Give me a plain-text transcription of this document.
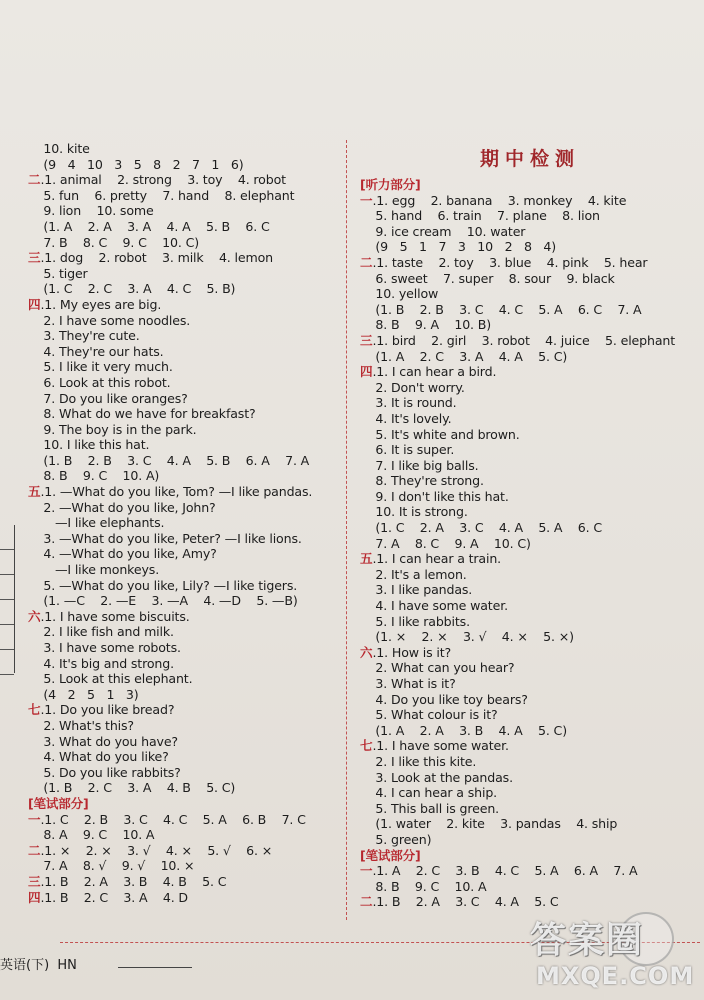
10. kite
(9   4   10   3   5   8   2   7   1   6)
二.1. animal    2. strong    3. toy    4. robot
5. fun    6. pretty    7. hand    8. elephant
9. lion    10. some
(1. A    2. A    3. A    4. A    5. B    6. C
7. B    8. C    9. C    10. C)
三.1. dog    2. robot    3. milk    4. lemon
5. tiger
(1. C    2. C    3. A    4. C    5. B)
四.1. My eyes are big.
2. I have some noodles.
3. They're cute.
4. They're our hats.
5. I like it very much.
6. Look at this robot.
7. Do you like oranges?
8. What do we have for breakfast?
9. The boy is in the park.
10. I like this hat.
(1. B    2. B    3. C    4. A    5. B    6. A    7. A
8. B    9. C    10. A)
五.1. —What do you like, Tom? —I like pandas.
2. —What do you like, John?
—I like elephants.
3. —What do you like, Peter? —I like lions.
4. —What do you like, Amy?
—I like monkeys.
5. —What do you like, Lily? —I like tigers.
(1. —C    2. —E    3. —A    4. —D    5. —B)
六.1. I have some biscuits.
2. I like fish and milk.
3. I have some robots.
4. It's big and strong.
5. Look at this elephant.
(4   2   5   1   3)
七.1. Do you like bread?
2. What's this?
3. What do you have?
4. What do you like?
5. Do you like rabbits?
(1. B    2. C    3. A    4. B    5. C)
[笔试部分]
一.1. C    2. B    3. C    4. C    5. A    6. B    7. C
8. A    9. C    10. A
二.1. ×    2. ×    3. √    4. ×    5. √    6. ×
7. A    8. √    9. √    10. ×
三.1. B    2. A    3. B    4. B    5. C
四.1. B    2. C    3. A    4. D
期中检测
[听力部分]
一.1. egg    2. banana    3. monkey    4. kite
5. hand    6. train    7. plane    8. lion
9. ice cream    10. water
(9   5   1   7   3   10   2   8   4)
二.1. taste    2. toy    3. blue    4. pink    5. hear
6. sweet    7. super    8. sour    9. black
10. yellow
(1. B    2. B    3. C    4. C    5. A    6. C    7. A
8. B    9. A    10. B)
三.1. bird    2. girl    3. robot    4. juice    5. elephant
(1. A    2. C    3. A    4. A    5. C)
四.1. I can hear a bird.
2. Don't worry.
3. It is round.
4. It's lovely.
5. It's white and brown.
6. It is super.
7. I like big balls.
8. They're strong.
9. I don't like this hat.
10. It is strong.
(1. C    2. A    3. C    4. A    5. A    6. C
7. A    8. C    9. A    10. C)
五.1. I can hear a train.
2. It's a lemon.
3. I like pandas.
4. I have some water.
5. I like rabbits.
(1. ×    2. ×    3. √    4. ×    5. ×)
六.1. How is it?
2. What can you hear?
3. What is it?
4. Do you like toy bears?
5. What colour is it?
(1. A    2. A    3. B    4. A    5. C)
七.1. I have some water.
2. I like this kite.
3. Look at the pandas.
4. I can hear a ship.
5. This ball is green.
(1. water    2. kite    3. pandas    4. ship
5. green)
[笔试部分]
一.1. A    2. C    3. B    4. C    5. A    6. A    7. A
8. B    9. C    10. A
二.1. B    2. A    3. C    4. A    5. C
英语(下)  HN
答案圈
MXQE.COM
